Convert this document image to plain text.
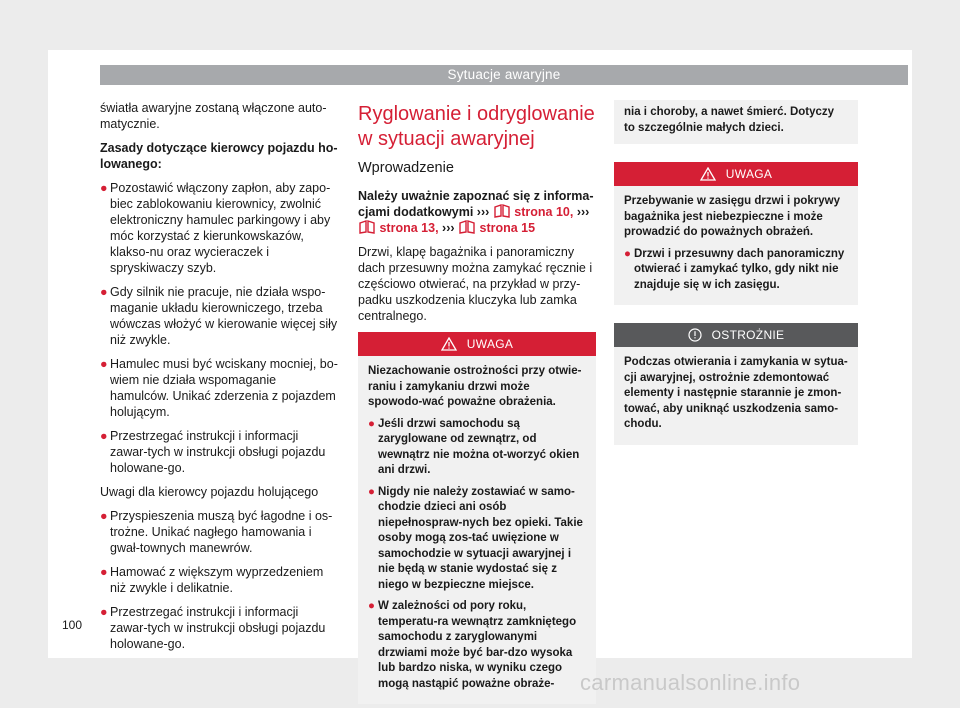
Sytuacje awaryjne

światła awaryjne zostaną włączone auto-matycznie.

Zasady dotyczące kierowcy pojazdu ho-lowanego:

● Pozostawić włączony zapłon, aby zapo-biec zablokowaniu kierownicy, zwolnić elektroniczny hamulec parkingowy i aby móc korzystać z kierunkowskazów, klakso-nu oraz wycieraczek i spryskiwaczy szyb.
● Gdy silnik nie pracuje, nie działa wspo-maganie układu kierowniczego, trzeba wówczas włożyć w kierowanie więcej siły niż zwykle.
● Hamulec musi być wciskany mocniej, bo-wiem nie działa wspomaganie hamulców. Unikać zderzenia z pojazdem holującym.
● Przestrzegać instrukcji i informacji zawar-tych w instrukcji obsługi pojazdu holowane-go.

Uwagi dla kierowcy pojazdu holującego

● Przyspieszenia muszą być łagodne i os-trożne. Unikać nagłego hamowania i gwał-townych manewrów.
● Hamować z większym wyprzedzeniem niż zwykle i delikatnie.
● Przestrzegać instrukcji i informacji zawar-tych w instrukcji obsługi pojazdu holowane-go.
Ryglowanie i odryglowanie w sytuacji awaryjnej
Wprowadzenie

Należy uważnie zapoznać się z informa-cjami dodatkowymi ››› strona 10, ›››  strona 13, ››› strona 15

Drzwi, klapę bagażnika i panoramiczny dach przesuwny można zamykać ręcznie i częściowo otwierać, na przykład w przy-padku uszkodzenia kluczyka lub zamka centralnego.

UWAGA

Niezachowanie ostrożności przy otwie-raniu i zamykaniu drzwi może spowodo-wać poważne obrażenia.

● Jeśli drzwi samochodu są zaryglowane od zewnątrz, od wewnątrz nie można ot-worzyć okien ani drzwi.
● Nigdy nie należy zostawiać w samo-chodzie dzieci ani osób niepełnospraw-nych bez opieki. Takie osoby mogą zos-tać uwięzione w samochodzie w sytuacji awaryjnej i nie będą w stanie wydostać się z niego w bezpieczne miejsce.
● W zależności od pory roku, temperatu-ra wewnątrz zamkniętego samochodu z zaryglowanymi drzwiami może być bar-dzo wysoka lub bardzo niska, w wyniku czego mogą nastąpić poważne obraże-
nia i choroby, a nawet śmierć. Dotyczy to szczególnie małych dzieci.
UWAGA

Przebywanie w zasięgu drzwi i pokrywy bagażnika jest niebezpieczne i może prowadzić do poważnych obrażeń.

● Drzwi i przesuwny dach panoramiczny otwierać i zamykać tylko, gdy nikt nie znajduje się w ich zasięgu.
OSTROŻNIE

Podczas otwierania i zamykania w sytua-cji awaryjnej, ostrożnie zdemontować elementy i następnie starannie je zmon-tować, aby uniknąć uszkodzenia samo-chodu.

100
carmanualsonline.info
